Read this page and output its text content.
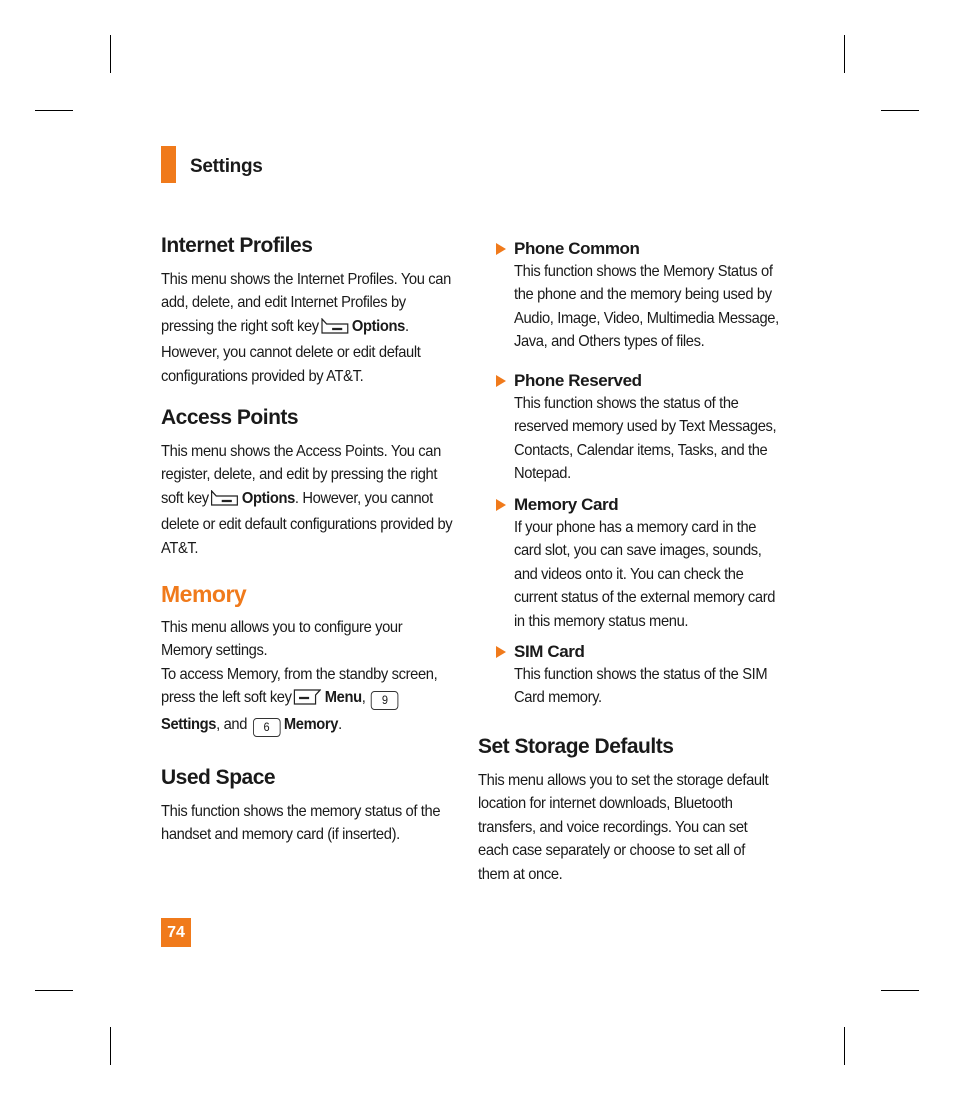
Settings
Internet Profiles

This menu shows the Internet Profiles. You can add, delete, and edit Internet Profiles by pressing the right soft key Options. However, you cannot delete or edit default configurations provided by AT&T.

Access Points

This menu shows the Access Points. You can register, delete, and edit by pressing the right soft key Options. However, you cannot delete or edit default configurations provided by AT&T.

Memory

This menu allows you to configure your Memory settings.
To access Memory, from the standby screen, press the left soft key Menu, 9
Settings, and 6 Memory.

Used Space

This function shows the memory status of the handset and memory card (if inserted).

Phone Common

This function shows the Memory Status of the phone and the memory being used by Audio, Image, Video, Multimedia Message, Java, and Others types of files.

Phone Reserved

This function shows the status of the reserved memory used by Text Messages, Contacts, Calendar items, Tasks, and the Notepad.

Memory Card

If your phone has a memory card in the card slot, you can save images, sounds, and videos onto it. You can check the current status of the external memory card in this memory status menu.

SIM Card

This function shows the status of the SIM Card memory.

Set Storage Defaults

This menu allows you to set the storage default location for internet downloads, Bluetooth transfers, and voice recordings. You can set each case separately or choose to set all of them at once.

74
